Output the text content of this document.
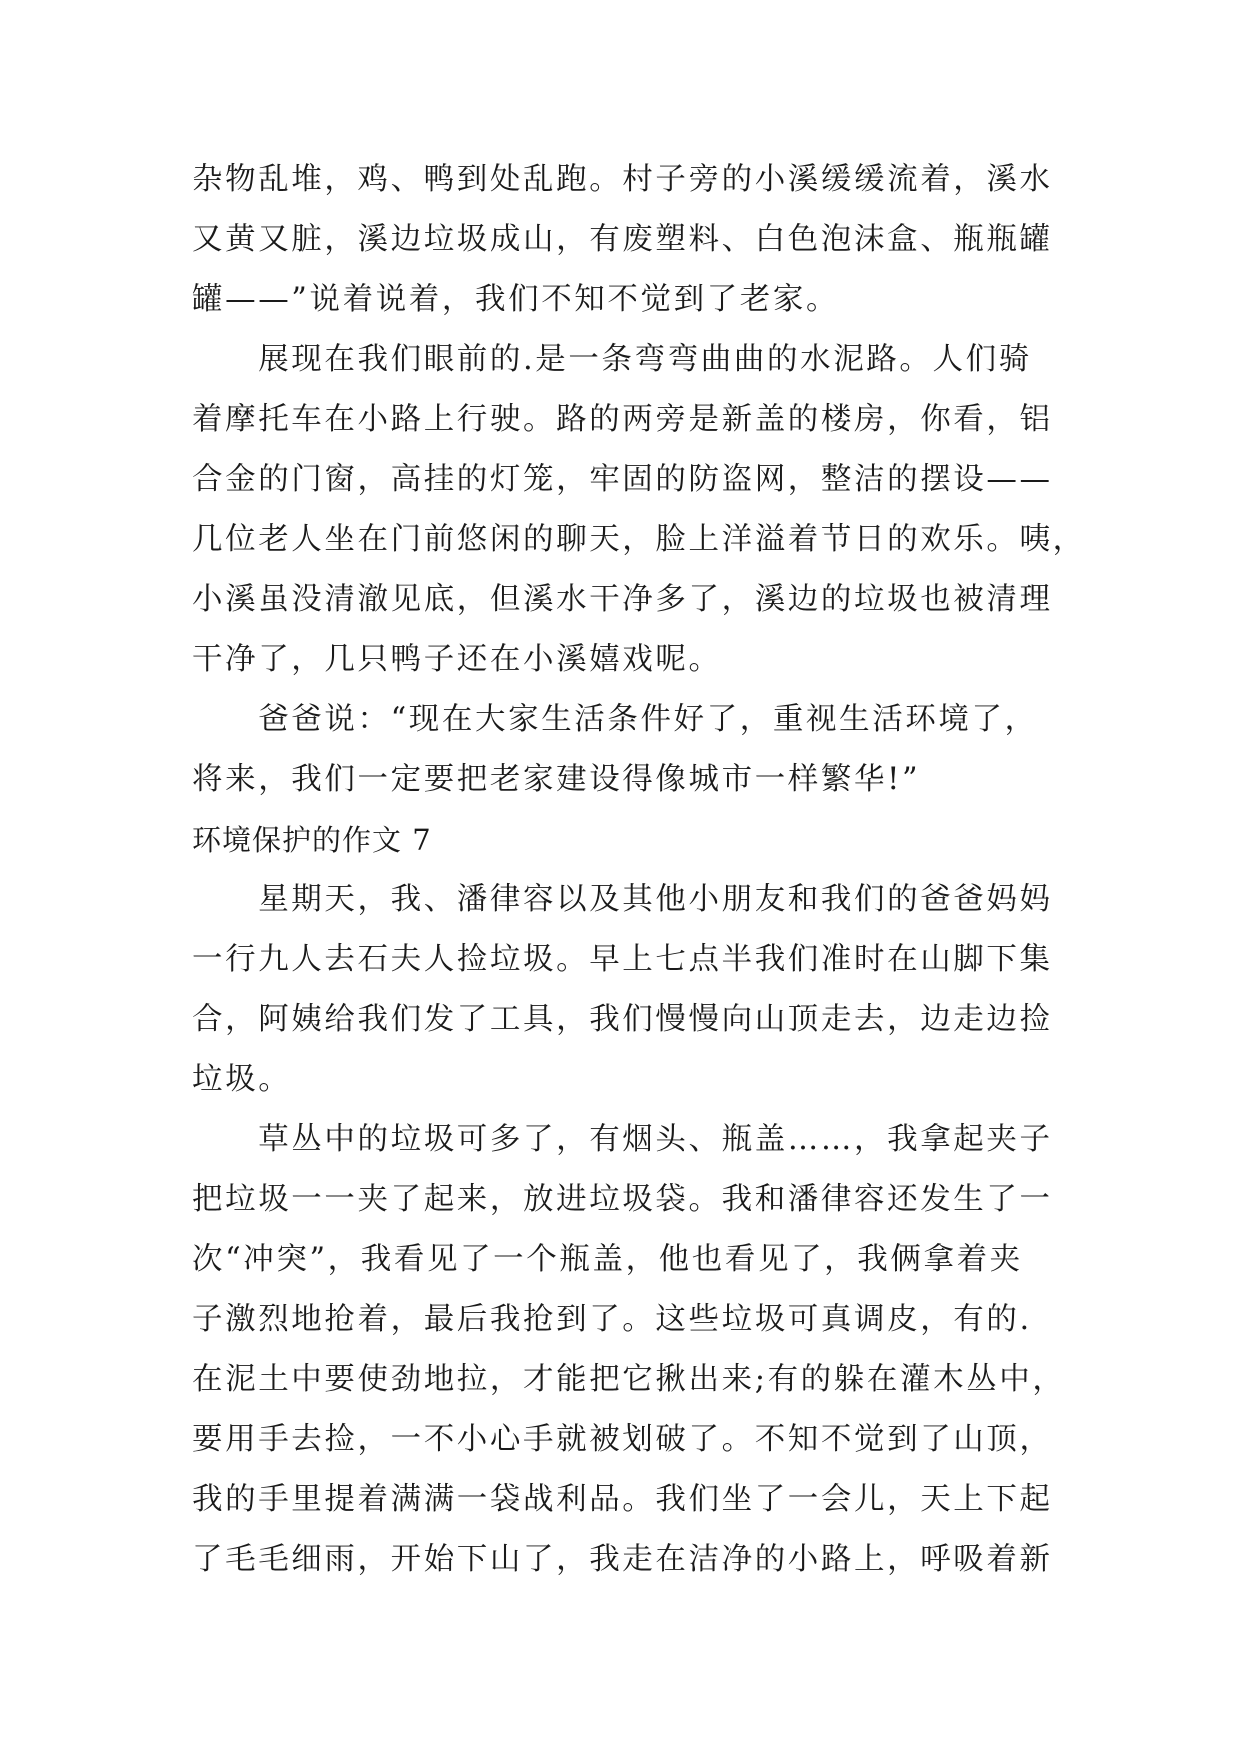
杂物乱堆，鸡、鸭到处乱跑。村子旁的小溪缓缓流着，溪水
又黄又脏，溪边垃圾成山，有废塑料、白色泡沫盒、瓶瓶罐
罐——”说着说着，我们不知不觉到了老家。
　　展现在我们眼前的.是一条弯弯曲曲的水泥路。人们骑
着摩托车在小路上行驶。路的两旁是新盖的楼房，你看，铝
合金的门窗，高挂的灯笼，牢固的防盗网，整洁的摆设——
几位老人坐在门前悠闲的聊天，脸上洋溢着节日的欢乐。咦，
小溪虽没清澈见底，但溪水干净多了，溪边的垃圾也被清理
干净了，几只鸭子还在小溪嬉戏呢。
　　爸爸说：“现在大家生活条件好了，重视生活环境了，
将来，我们一定要把老家建设得像城市一样繁华!”
环境保护的作文 7
　　星期天，我、潘律容以及其他小朋友和我们的爸爸妈妈
一行九人去石夫人捡垃圾。早上七点半我们准时在山脚下集
合，阿姨给我们发了工具，我们慢慢向山顶走去，边走边捡
垃圾。
　　草丛中的垃圾可多了，有烟头、瓶盖……，我拿起夹子
把垃圾一一夹了起来，放进垃圾袋。我和潘律容还发生了一
次“冲突”，我看见了一个瓶盖，他也看见了，我俩拿着夹
子激烈地抢着，最后我抢到了。这些垃圾可真调皮，有的.
在泥土中要使劲地拉，才能把它揪出来;有的躲在灌木丛中，
要用手去捡，一不小心手就被划破了。不知不觉到了山顶，
我的手里提着满满一袋战利品。我们坐了一会儿，天上下起
了毛毛细雨，开始下山了，我走在洁净的小路上，呼吸着新
